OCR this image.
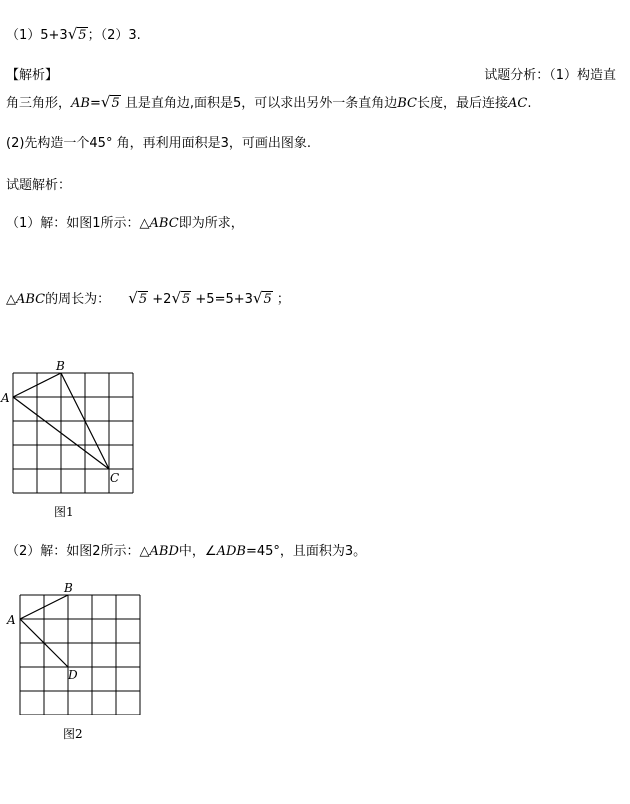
（1）5+3√5；（2）3.
【解析】	试题分析：（1）构造直
角三角形，AB=√5 且是直角边,面积是5，可以求出另外一条直角边BC长度，最后连接AC.
(2)先构造一个45° 角，再利用面积是3，可画出图象.
试题解析：
（1）解：如图1所示：△ABC即为所求，
△ABC的周长为： √5 +2√5 +5=5+3√5 ；
A
B
C
图1
（2）解：如图2所示：△ABD中，∠ADB=45°，且面积为3。
A
B
D
图2
